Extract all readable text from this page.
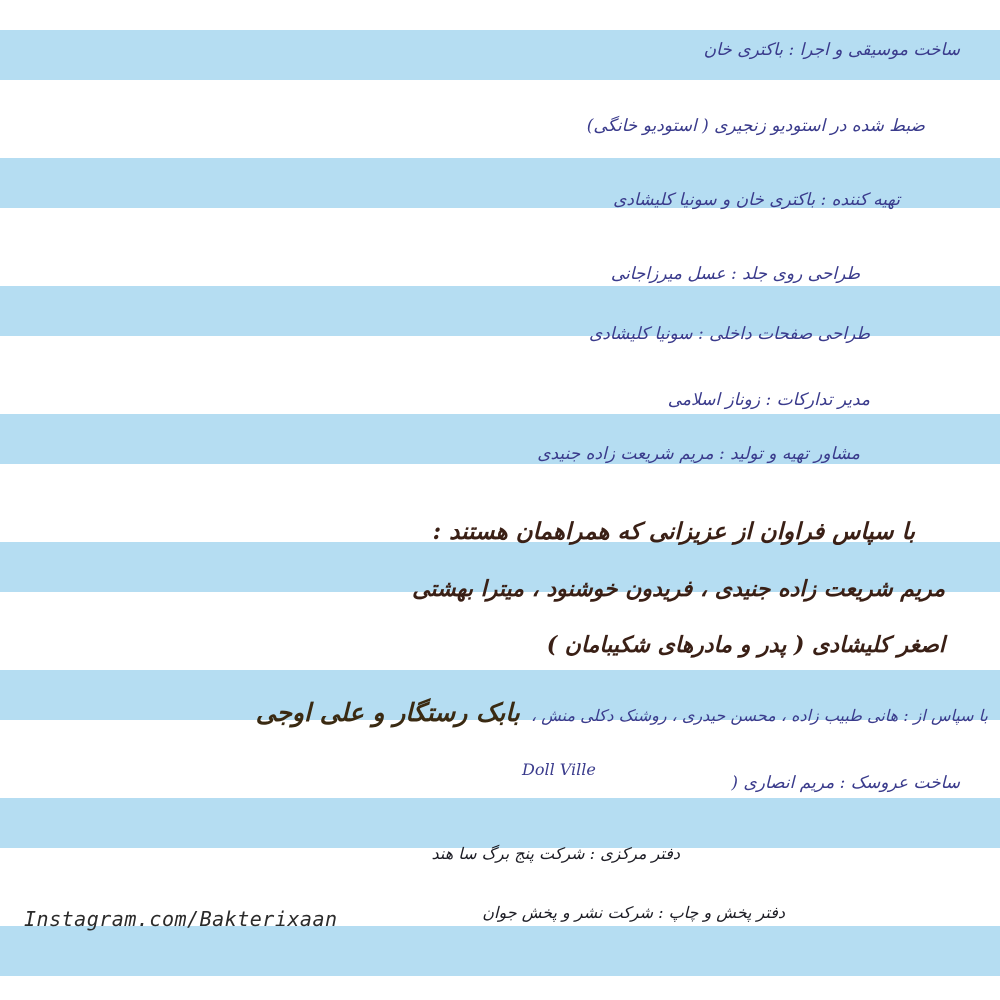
ساخت موسیقی و اجرا : باکتری خان
ضبط شده در استودیو زنجیری ( استودیو خانگی)
تهیه کننده : باکتری خان و سونیا کلیشادی
طراحی روی جلد : عسل میرزاجانی
طراحی صفحات داخلی : سونیا کلیشادی
مدیر تدارکات : زوناز اسلامی
مشاور تهیه و تولید : مریم شریعت زاده جنیدی
با سپاس فراوان از عزیزانی که همراهمان هستند :
مریم شریعت زاده جنیدی ، فریدون خوشنود ، میترا بهشتی
اصغر کلیشادی ( پدر و مادرهای شکیبامان )
با سپاس از : هانی طبیب زاده ، محسن حیدری ، روشنک دکلی منش ، بابک رستگار و علی اوجی
ساخت عروسک : مریم انصاری (
Doll Ville
دفتر مرکزی : شرکت پنج برگ سا هند
دفتر پخش و چاپ : شرکت نشر و پخش جوان
Instagram.com/Bakterixaan
